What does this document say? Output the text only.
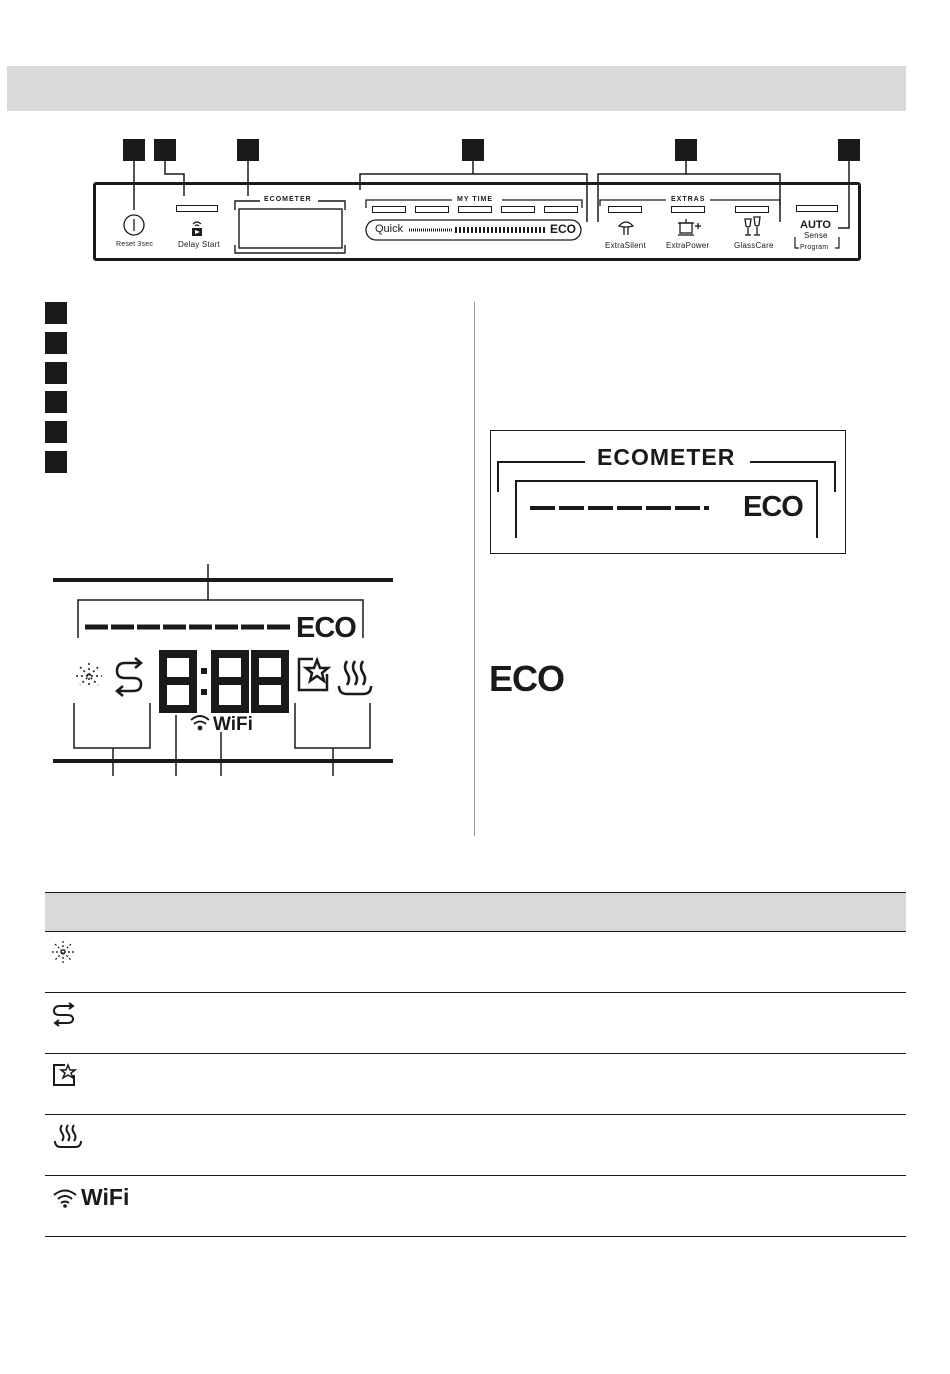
Reset 3sec	Delay Start
ECOMETER	MY TIME
Quick	ECO
EXTRAS
ExtraSilent	ExtraPower	GlassCare
AUTO
Sense
Program
ECO
WiFi
ECOMETER
ECO
ECO

WiFi
